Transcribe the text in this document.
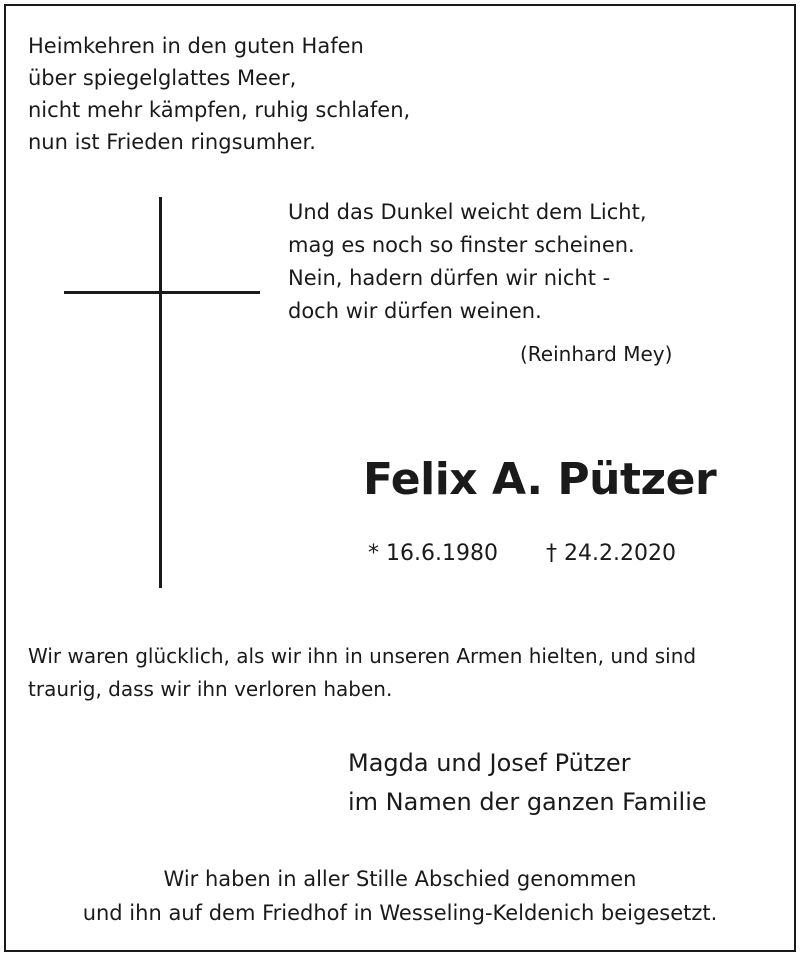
Heimkehren in den guten Hafen
über spiegelglattes Meer,
nicht mehr kämpfen, ruhig schlafen,
nun ist Frieden ringsumher.
Und das Dunkel weicht dem Licht,
mag es noch so finster scheinen.
Nein, hadern dürfen wir nicht -
doch wir dürfen weinen.
(Reinhard Mey)
Felix A. Pützer
* 16.6.1980 † 24.2.2020
Wir waren glücklich, als wir ihn in unseren Armen hielten, und sind
traurig, dass wir ihn verloren haben.
Magda und Josef Pützer
im Namen der ganzen Familie
Wir haben in aller Stille Abschied genommen
und ihn auf dem Friedhof in Wesseling-Keldenich beigesetzt.
